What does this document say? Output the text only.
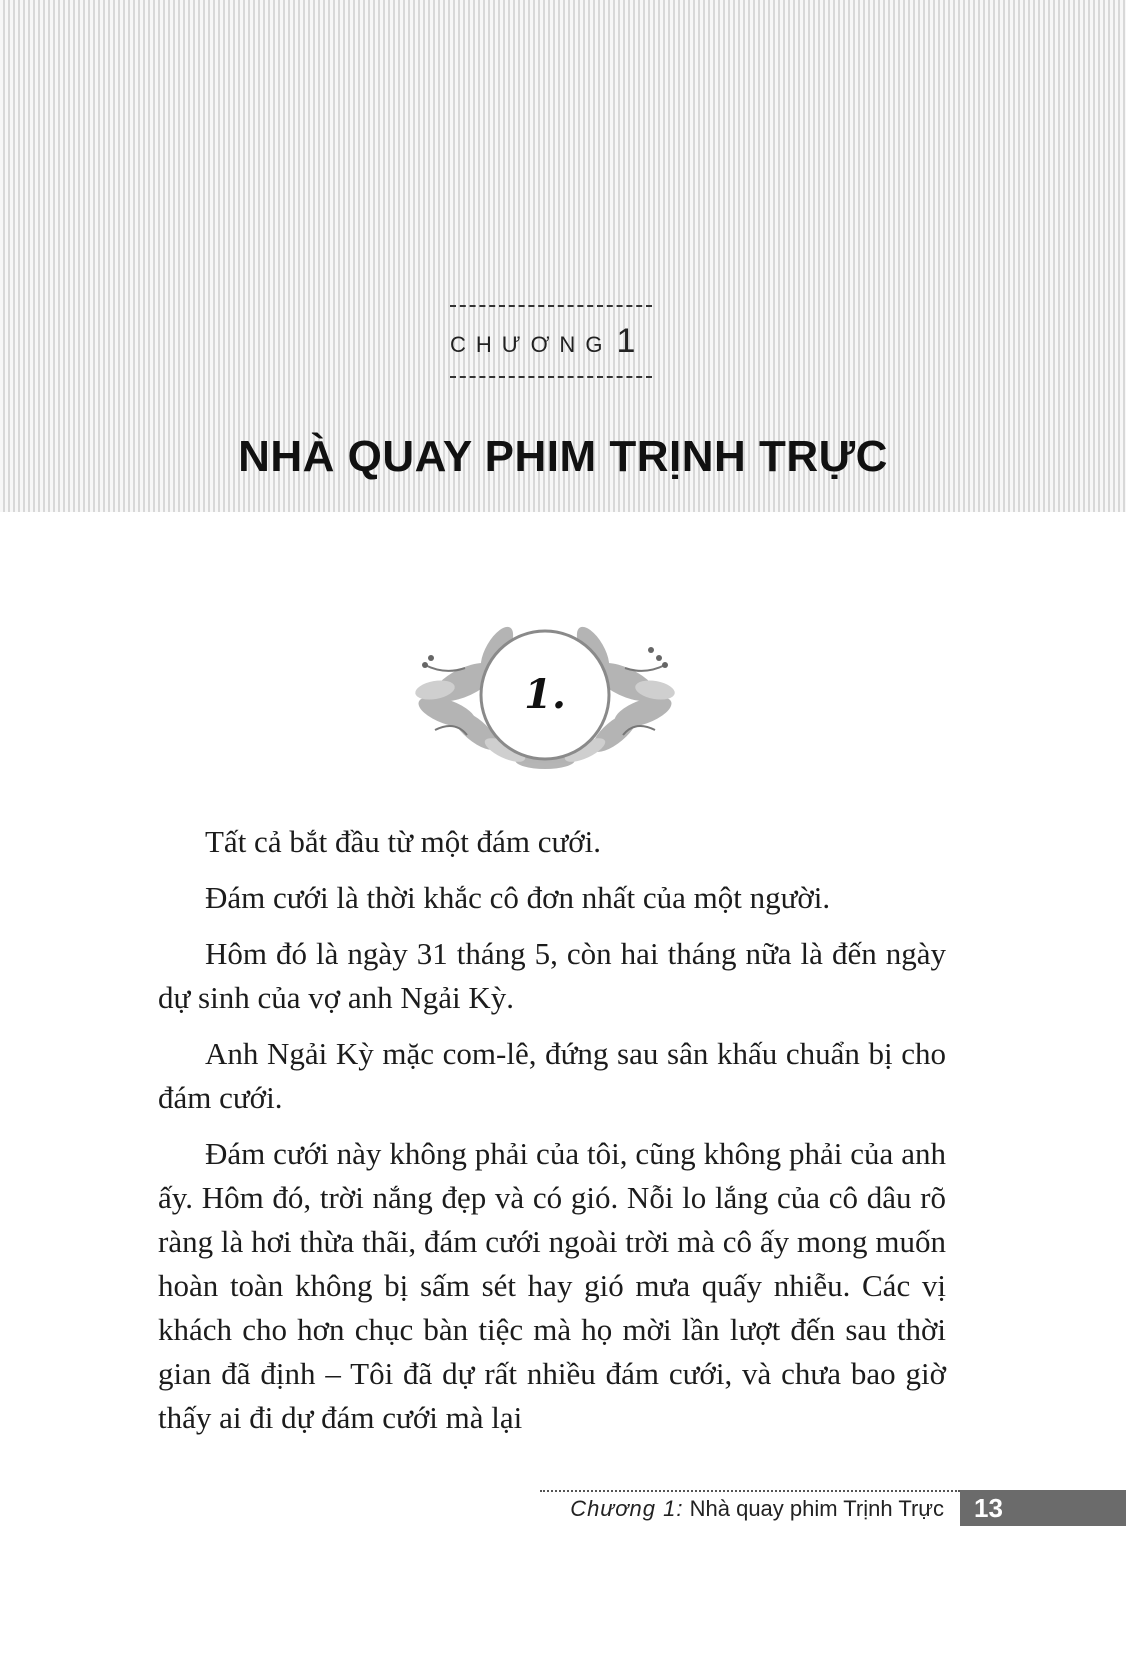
CHƯƠNG 1
NHÀ QUAY PHIM TRỊNH TRỰC
1.

Tất cả bắt đầu từ một đám cưới.

Đám cưới là thời khắc cô đơn nhất của một người.

Hôm đó là ngày 31 tháng 5, còn hai tháng nữa là đến ngày dự sinh của vợ anh Ngải Kỳ.

Anh Ngải Kỳ mặc com-lê, đứng sau sân khấu chuẩn bị cho đám cưới.

Đám cưới này không phải của tôi, cũng không phải của anh ấy. Hôm đó, trời nắng đẹp và có gió. Nỗi lo lắng của cô dâu rõ ràng là hơi thừa thãi, đám cưới ngoài trời mà cô ấy mong muốn hoàn toàn không bị sấm sét hay gió mưa quấy nhiễu. Các vị khách cho hơn chục bàn tiệc mà họ mời lần lượt đến sau thời gian đã định – Tôi đã dự rất nhiều đám cưới, và chưa bao giờ thấy ai đi dự đám cưới mà lại

Chương 1: Nhà quay phim Trịnh Trực 13
